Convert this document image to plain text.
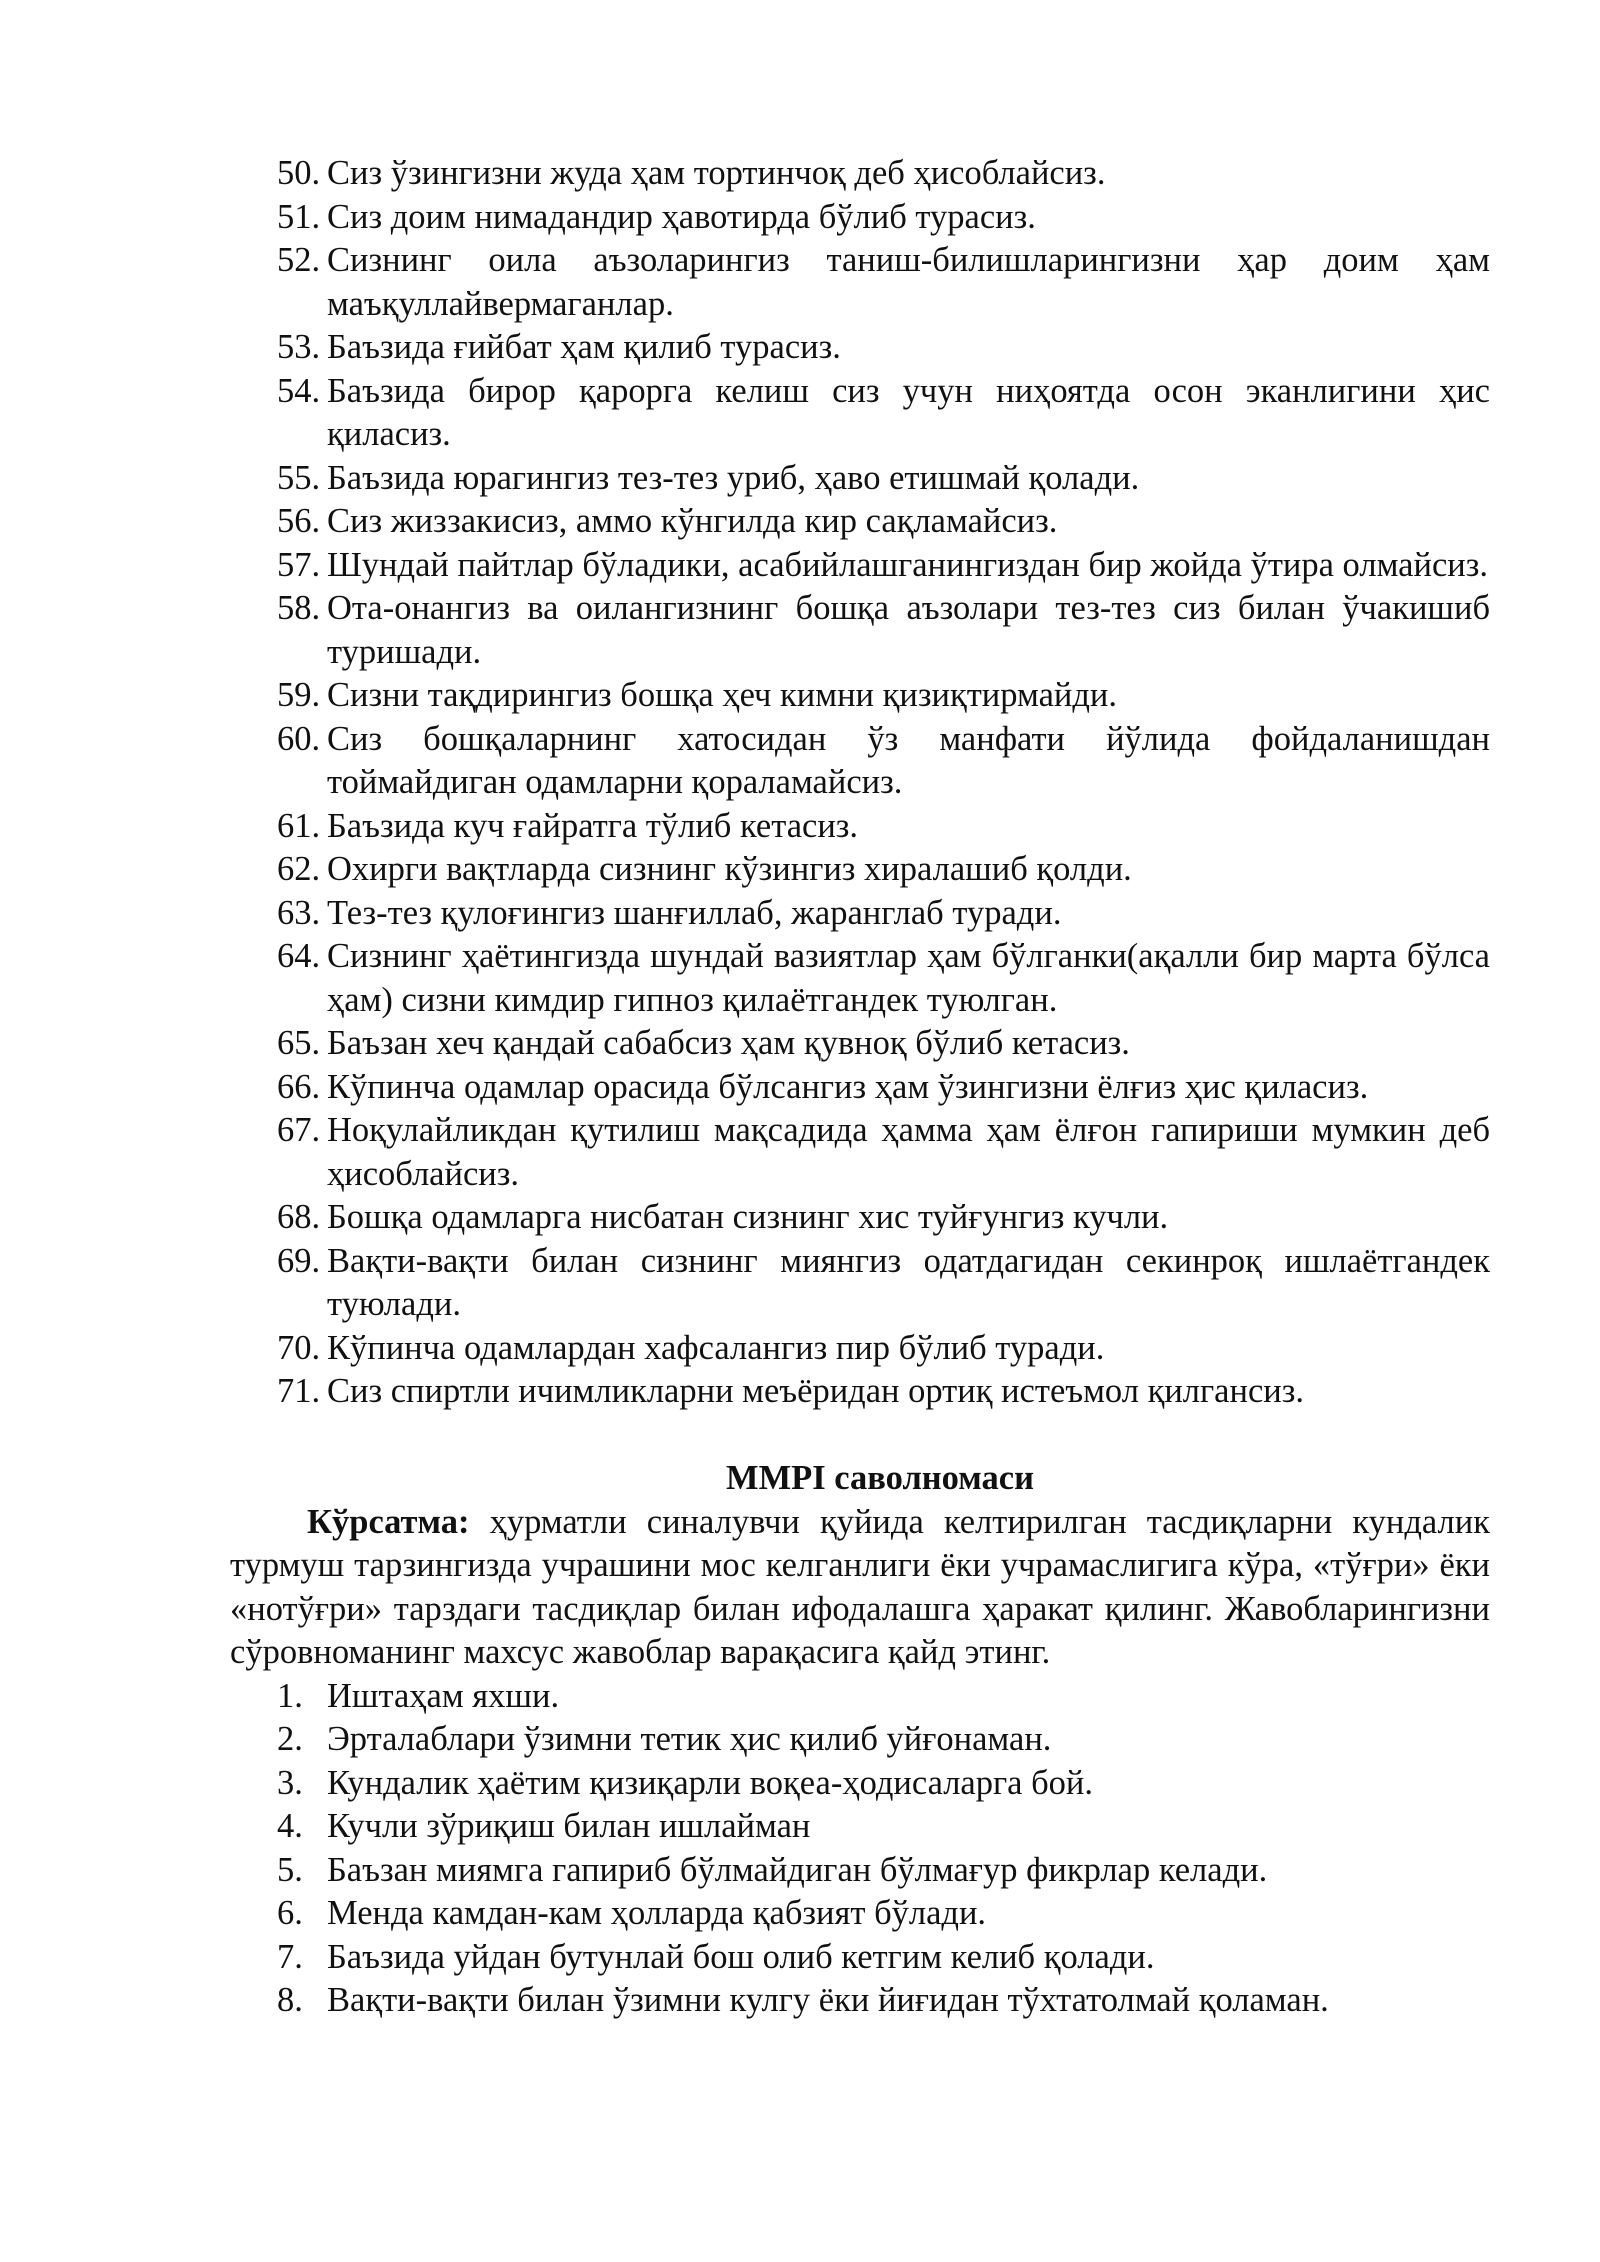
50. Сиз ўзингизни жуда ҳам тортинчоқ деб ҳисоблайсиз.
51. Сиз доим нимадандир ҳавотирда бўлиб турасиз.
52. Сизнинг оила аъзоларингиз таниш-билишларингизни ҳар доим ҳам маъқуллайвермаганлар.
53. Баъзида ғийбат ҳам қилиб турасиз.
54. Баъзида бирор қарорга келиш сиз учун ниҳоятда осон эканлигини ҳис қиласиз.
55. Баъзида юрагингиз тез-тез уриб, ҳаво етишмай қолади.
56. Сиз жиззакисиз, аммо кўнгилда кир сақламайсиз.
57. Шундай пайтлар бўладики, асабийлашганингиздан бир жойда ўтира олмайсиз.
58. Ота-онангиз ва оилангизнинг бошқа аъзолари тез-тез сиз билан ўчакишиб туришади.
59. Сизни тақдирингиз бошқа ҳеч кимни қизиқтирмайди.
60. Сиз бошқаларнинг хатосидан ўз манфати йўлида фойдаланишдан тоймайдиган одамларни қораламайсиз.
61. Баъзида куч ғайратга тўлиб кетасиз.
62. Охирги вақтларда сизнинг кўзингиз хиралашиб қолди.
63. Тез-тез қулоғингиз шанғиллаб, жаранглаб туради.
64. Сизнинг ҳаётингизда шундай вазиятлар ҳам бўлганки(ақалли бир марта бўлса ҳам) сизни кимдир гипноз қилаётгандек туюлган.
65. Баъзан хеч қандай сабабсиз ҳам қувноқ бўлиб кетасиз.
66. Кўпинча одамлар орасида бўлсангиз ҳам ўзингизни ёлғиз ҳис қиласиз.
67. Ноқулайликдан қутилиш мақсадида ҳамма ҳам ёлғон гапириши мумкин деб ҳисоблайсиз.
68. Бошқа одамларга нисбатан сизнинг хис туйғунгиз кучли.
69. Вақти-вақти билан сизнинг миянгиз одатдагидан секинроқ ишлаётгандек туюлади.
70. Кўпинча одамлардан хафсалангиз пир бўлиб туради.
71. Сиз спиртли ичимликларни меъёридан ортиқ истеъмол қилгансиз.
MMPI саволномаси
Кўрсатма: ҳурматли синалувчи қуйида келтирилган тасдиқларни кундалик турмуш тарзингизда учрашини мос келганлиги ёки учрамаслигига кўра, «тўғри» ёки «нотўғри» тарздаги тасдиқлар билан ифодалашга ҳаракат қилинг. Жавобларингизни сўровноманинг махсус жавоблар варақасига қайд этинг.
1. Иштаҳам яхши.
2. Эрталаблари ўзимни тетик ҳис қилиб уйғонаман.
3. Кундалик ҳаётим қизиқарли воқеа-ҳодисаларга бой.
4. Кучли зўриқиш билан ишлайман
5. Баъзан миямга гапириб бўлмайдиган бўлмағур фикрлар келади.
6. Менда камдан-кам ҳолларда қабзият бўлади.
7. Баъзида уйдан бутунлай бош олиб кетгим келиб қолади.
8. Вақти-вақти билан ўзимни кулгу ёки йиғидан тўхтатолмай қоламан.
